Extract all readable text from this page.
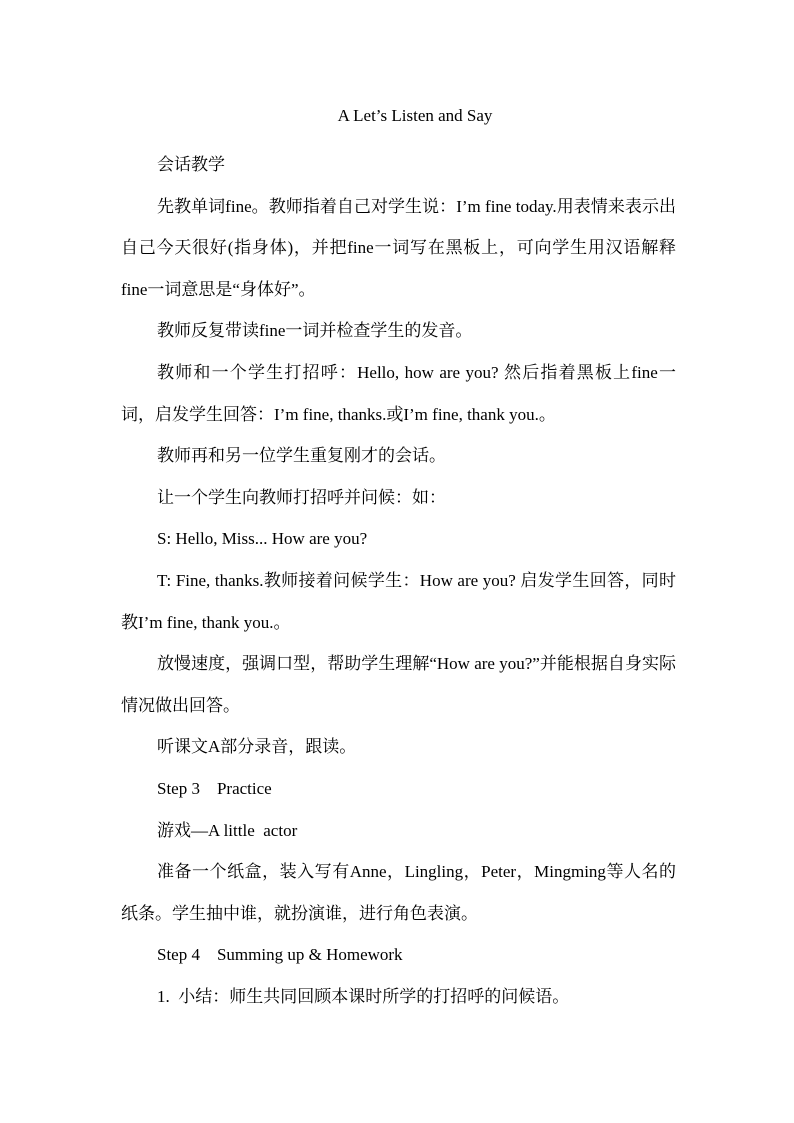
A Let’s Listen and Say

会话教学

先教单词fine。教师指着自己对学生说：I’m fine today.用表情来表示出自己今天很好(指身体)，并把fine一词写在黑板上，可向学生用汉语解释fine一词意思是“身体好”。

教师反复带读fine一词并检查学生的发音。

教师和一个学生打招呼：Hello, how are you? 然后指着黑板上fine一词，启发学生回答：I’m fine, thanks.或I’m fine, thank you.。

教师再和另一位学生重复刚才的会话。

让一个学生向教师打招呼并问候：如：

S: Hello, Miss... How are you?

T: Fine, thanks.教师接着问候学生：How are you? 启发学生回答，同时教I’m fine, thank you.。

放慢速度，强调口型，帮助学生理解“How are you?”并能根据自身实际情况做出回答。

听课文A部分录音，跟读。

Step 3    Practice

游戏—A little  actor

准备一个纸盒，装入写有Anne，Lingling，Peter，Mingming等人名的纸条。学生抽中谁，就扮演谁，进行角色表演。

Step 4    Summing up & Homework

1.  小结：师生共同回顾本课时所学的打招呼的问候语。
